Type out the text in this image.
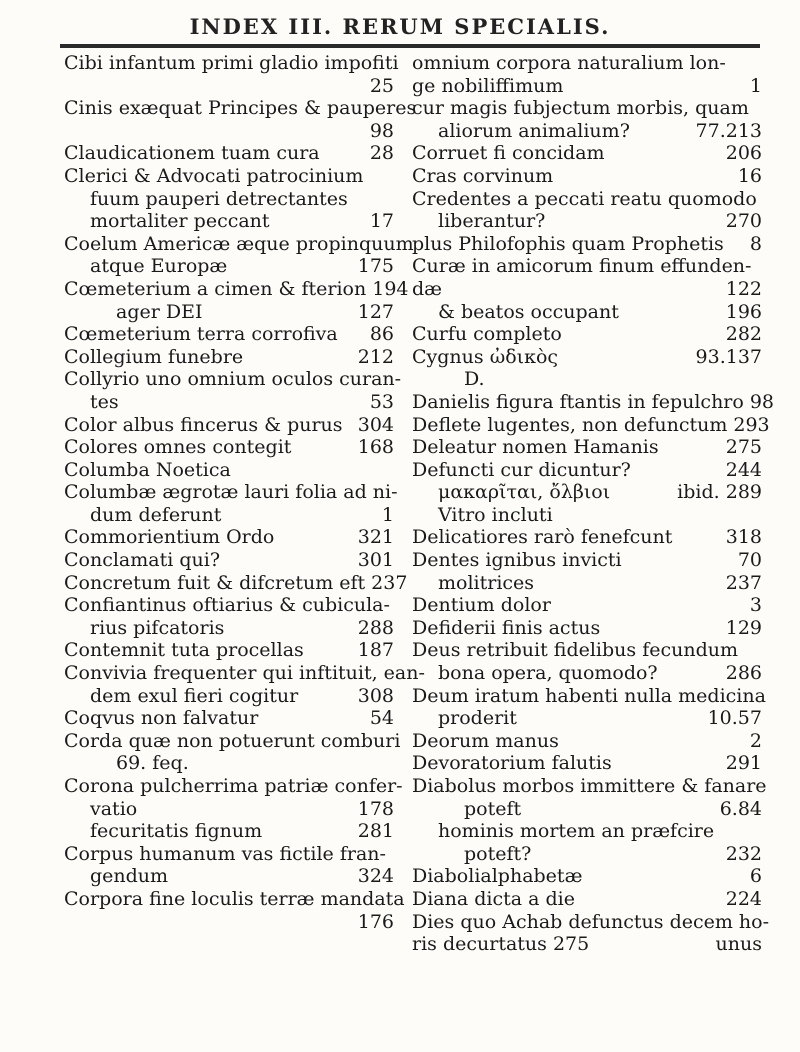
INDEX III. RERUM SPECIALIS.
Cibi infantum primi gladio impofiti
25
Cinis exæquat Principes & pauperes
98
Claudicationem tuam cura	28
Clerici & Advocati patrocinium
fuum pauperi detrectantes
mortaliter peccant	17
Coelum Americæ æque propinquum
atque Europæ	175
Cœmeterium a cimen & fterion 194
ager DEI	127
Cœmeterium terra corrofiva	86
Collegium funebre	212
Collyrio uno omnium oculos curan-
tes	53
Color albus fincerus & purus 304
Colores omnes contegit	168
Columba Noetica
Columbæ ægrotæ lauri folia ad ni-
dum deferunt	1
Commorientium Ordo	321
Conclamati qui?	301
Concretum fuit & difcretum eft 237
Confiantinus oftiarius & cubicula-
rius pifcatoris	288
Contemnit tuta procellas	187
Convivia frequenter qui inftituit, ean-
dem exul fieri cogitur	308
Coqvus non falvatur	54
Corda quæ non potuerunt comburi
69. feq.
Corona pulcherrima patriæ confer-
vatio	178
fecuritatis fignum	281
Corpus humanum vas fictile fran-
gendum	324
Corpora fine loculis terræ mandata
176
omnium corpora naturalium lon-
ge nobiliffimum	1
cur magis fubjectum morbis, quam
aliorum animalium?	77.213
Corruet fi concidam	206
Cras corvinum	16
Credentes a peccati reatu quomodo
liberantur?	270
plus Philofophis quam Prophetis	8
Curæ in amicorum finum effunden-
dæ	122
& beatos occupant	196
Curfu completo	282
Cygnus ὠδικὸς	93.137
D.
Danielis figura ftantis in fepulchro 98
Deflete lugentes, non defunctum 293
Deleatur nomen Hamanis	275
Defuncti cur dicuntur?	244
μακαρῖται, ὄλβιοι	ibid. 289
Vitro incluti
Delicatiores rarò fenefcunt	318
Dentes ignibus invicti	70
molitrices	237
Dentium dolor	3
Defiderii finis actus	129
Deus retribuit fidelibus fecundum
bona opera, quomodo?	286
Deum iratum habenti nulla medicina
proderit	10.57
Deorum manus	2
Devoratorium falutis	291
Diabolus morbos immittere & fanare
poteft	6.84
hominis mortem an præfcire
poteft?	232
Diabolialphabetæ	6
Diana dicta a die	224
Dies quo Achab defunctus decem ho-
ris decurtatus 275	unus
